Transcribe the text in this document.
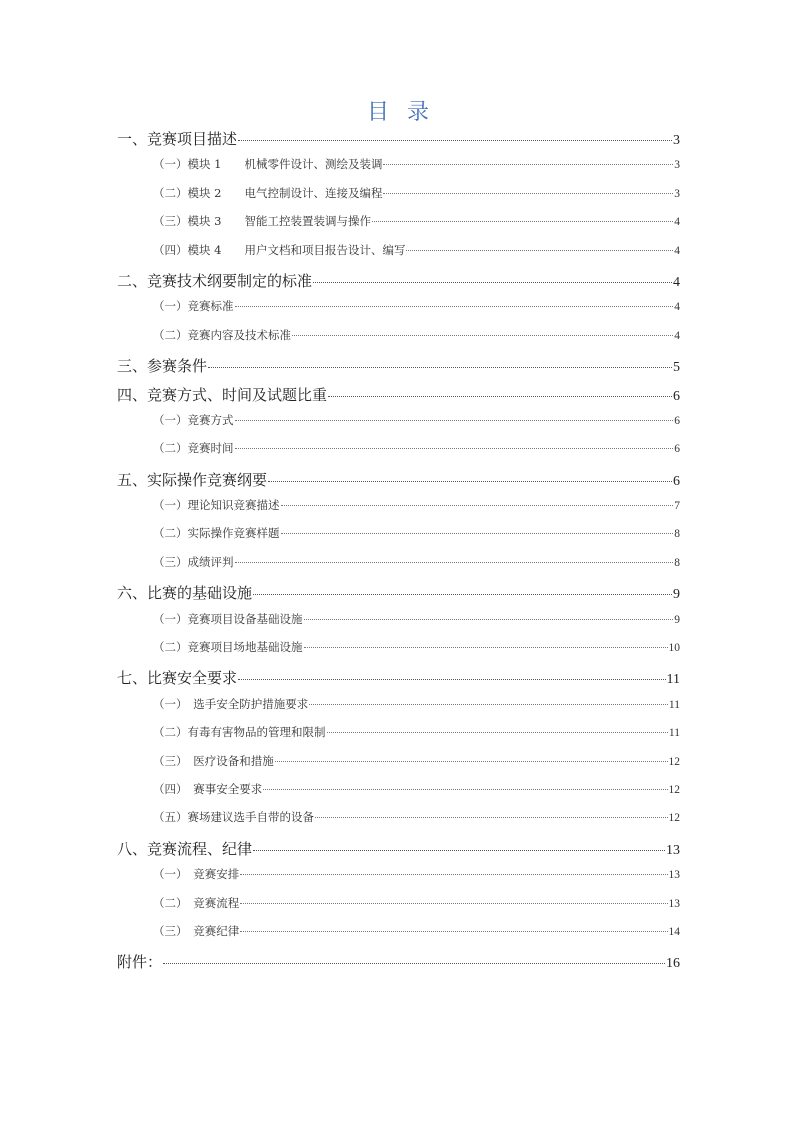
目 录
一、竞赛项目描述	3
（一）模块 1　　机械零件设计、测绘及装调	3
（二）模块 2　　电气控制设计、连接及编程	3
（三）模块 3　　智能工控装置装调与操作	4
（四）模块 4　　用户文档和项目报告设计、编写	4
二、竞赛技术纲要制定的标准	4
（一）竞赛标准	4
（二）竞赛内容及技术标准	4
三、参赛条件	5
四、竞赛方式、时间及试题比重	6
（一）竞赛方式	6
（二）竞赛时间	6
五、实际操作竞赛纲要	6
（一）理论知识竞赛描述	7
（二）实际操作竞赛样题	8
（三）成绩评判	8
六、比赛的基础设施	9
（一）竞赛项目设备基础设施	9
（二）竞赛项目场地基础设施	10
七、比赛安全要求	11
（一）　选手安全防护措施要求	11
（二）有毒有害物品的管理和限制	11
（三）　医疗设备和措施	12
（四）　赛事安全要求	12
（五）赛场建议选手自带的设备	12
八、竞赛流程、纪律	13
（一）　竞赛安排	13
（二）　竞赛流程	13
（三）　竞赛纪律	14
附件：	16
